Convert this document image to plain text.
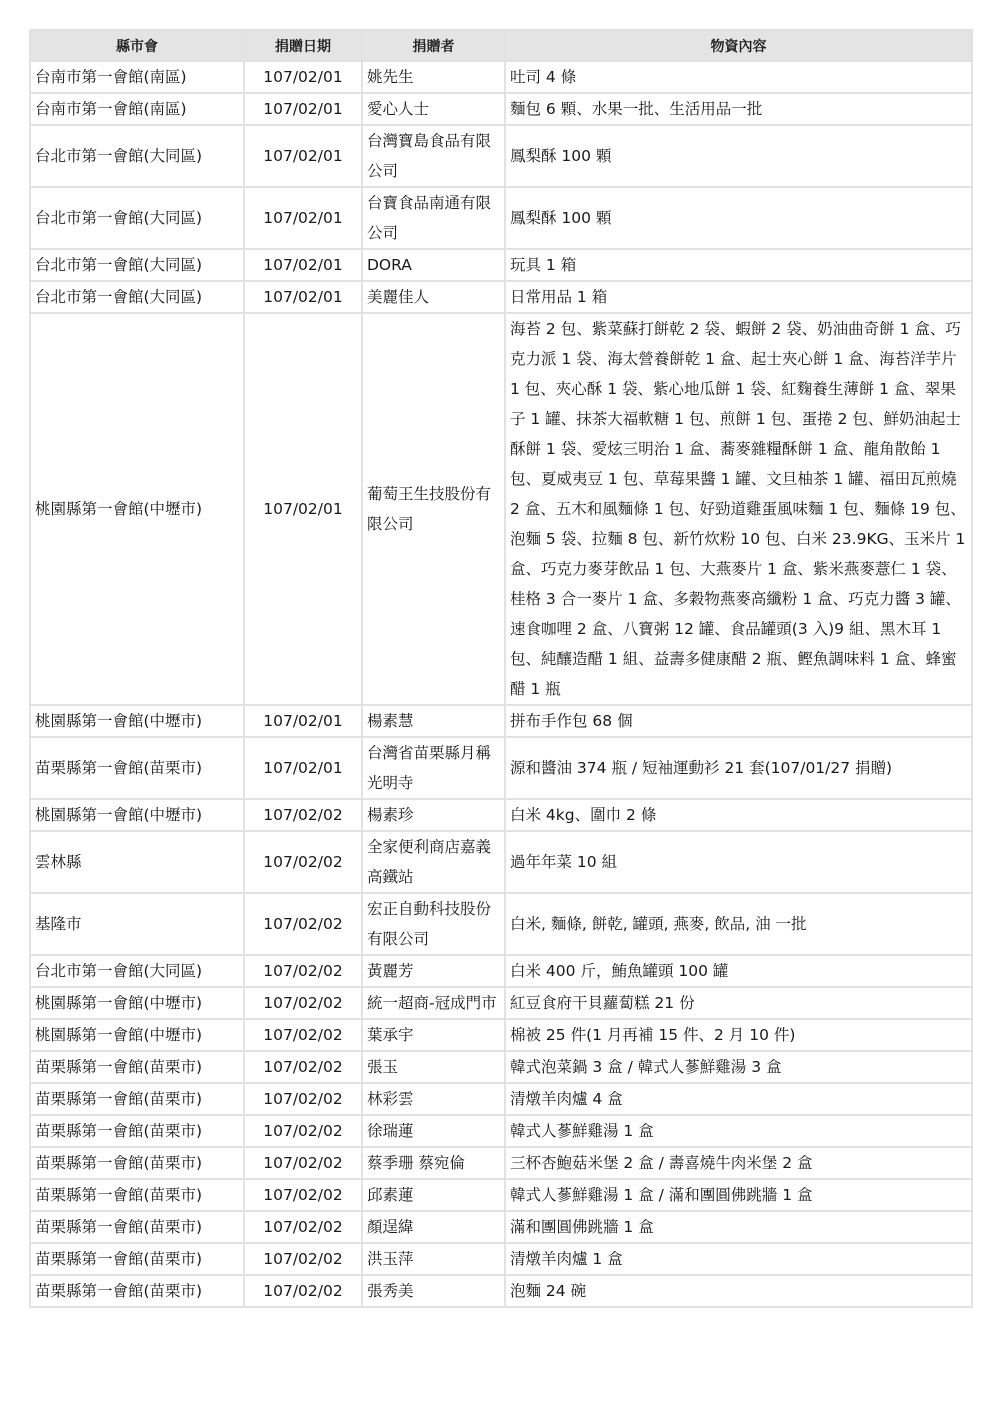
縣市會	捐贈日期	捐贈者	物資內容
台南市第一會館(南區)	107/02/01	姚先生	吐司 4 條
台南市第一會館(南區)	107/02/01	愛心人士	麵包 6 顆、水果一批、生活用品一批
台北市第一會館(大同區)	107/02/01	台灣寶島食品有限公司	鳳梨酥 100 顆
台北市第一會館(大同區)	107/02/01	台寶食品南通有限公司	鳳梨酥 100 顆
台北市第一會館(大同區)	107/02/01	DORA	玩具 1 箱
台北市第一會館(大同區)	107/02/01	美麗佳人	日常用品 1 箱
桃園縣第一會館(中壢市)	107/02/01	葡萄王生技股份有限公司	海苔 2 包、紫菜蘇打餅乾 2 袋、蝦餅 2 袋、奶油曲奇餅 1 盒、巧克力派 1 袋、海太營養餅乾 1 盒、起士夾心餅 1 盒、海苔洋芋片 1 包、夾心酥 1 袋、紫心地瓜餅 1 袋、紅麴養生薄餅 1 盒、翠果子 1 罐、抹茶大福軟糖 1 包、煎餅 1 包、蛋捲 2 包、鮮奶油起士酥餅 1 袋、愛炫三明治 1 盒、蕎麥雜糧酥餅 1 盒、龍角散飴 1 包、夏威夷豆 1 包、草莓果醬 1 罐、文旦柚茶 1 罐、福田瓦煎燒 2 盒、五木和風麵條 1 包、好勁道雞蛋風味麵 1 包、麵條 19 包、泡麵 5 袋、拉麵 8 包、新竹炊粉 10 包、白米 23.9KG、玉米片 1 盒、巧克力麥芽飲品 1 包、大燕麥片 1 盒、紫米燕麥薏仁 1 袋、桂格 3 合一麥片 1 盒、多穀物燕麥高纖粉 1 盒、巧克力醬 3 罐、速食咖哩 2 盒、八寶粥 12 罐、食品罐頭(3 入)9 組、黑木耳 1 包、純釀造醋 1 組、益壽多健康醋 2 瓶、鰹魚調味料 1 盒、蜂蜜醋 1 瓶
桃園縣第一會館(中壢市)	107/02/01	楊素慧	拼布手作包 68 個
苗栗縣第一會館(苗栗市)	107/02/01	台灣省苗栗縣月稱光明寺	源和醬油 374 瓶 / 短袖運動衫 21 套(107/01/27 捐贈)
桃園縣第一會館(中壢市)	107/02/02	楊素珍	白米 4kg、圍巾 2 條
雲林縣	107/02/02	全家便利商店嘉義高鐵站	過年年菜 10 組
基隆市	107/02/02	宏正自動科技股份有限公司	白米, 麵條, 餅乾, 罐頭, 燕麥, 飲品, 油 一批
台北市第一會館(大同區)	107/02/02	黃麗芳	白米 400 斤，鮪魚罐頭 100 罐
桃園縣第一會館(中壢市)	107/02/02	統一超商-冠成門市	紅豆食府干貝蘿蔔糕 21 份
桃園縣第一會館(中壢市)	107/02/02	葉承宇	棉被 25 件(1 月再補 15 件、2 月 10 件)
苗栗縣第一會館(苗栗市)	107/02/02	張玉	韓式泡菜鍋 3 盒 / 韓式人蔘鮮雞湯 3 盒
苗栗縣第一會館(苗栗市)	107/02/02	林彩雲	清燉羊肉爐 4 盒
苗栗縣第一會館(苗栗市)	107/02/02	徐瑞蓮	韓式人蔘鮮雞湯 1 盒
苗栗縣第一會館(苗栗市)	107/02/02	蔡季珊 蔡宛倫	三杯杏鮑菇米堡 2 盒 / 壽喜燒牛肉米堡 2 盒
苗栗縣第一會館(苗栗市)	107/02/02	邱素蓮	韓式人蔘鮮雞湯 1 盒 / 滿和團圓佛跳牆 1 盒
苗栗縣第一會館(苗栗市)	107/02/02	顏逞緯	滿和團圓佛跳牆 1 盒
苗栗縣第一會館(苗栗市)	107/02/02	洪玉萍	清燉羊肉爐 1 盒
苗栗縣第一會館(苗栗市)	107/02/02	張秀美	泡麵 24 碗
